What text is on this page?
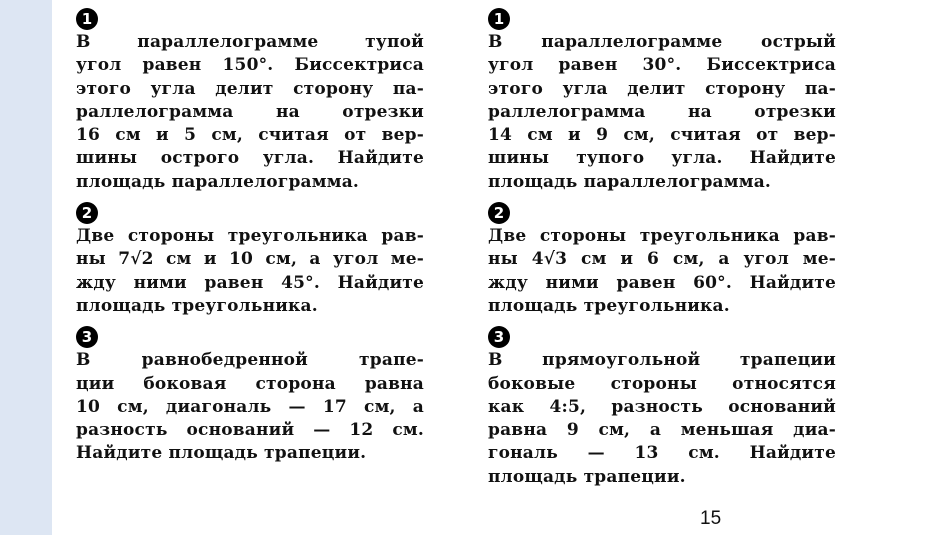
1
В параллелограмме тупой
угол равен 150°. Биссектриса
этого угла делит сторону па-
раллелограмма на отрезки
16 см и 5 см, считая от вер-
шины острого угла. Найдите
площадь параллелограмма.
2
Две стороны треугольника рав-
ны 7√2 см и 10 см, а угол ме-
жду ними равен 45°. Найдите
площадь треугольника.
3
В равнобедренной трапе-
ции боковая сторона равна
10 см, диагональ — 17 см, а
разность оснований — 12 см.
Найдите площадь трапеции.
1
В параллелограмме острый
угол равен 30°. Биссектриса
этого угла делит сторону па-
раллелограмма на отрезки
14 см и 9 см, считая от вер-
шины тупого угла. Найдите
площадь параллелограмма.
2
Две стороны треугольника рав-
ны 4√3 см и 6 см, а угол ме-
жду ними равен 60°. Найдите
площадь треугольника.
3
В прямоугольной трапеции
боковые стороны относятся
как 4:5, разность оснований
равна 9 см, а меньшая диа-
гональ — 13 см. Найдите
площадь трапеции.
15
